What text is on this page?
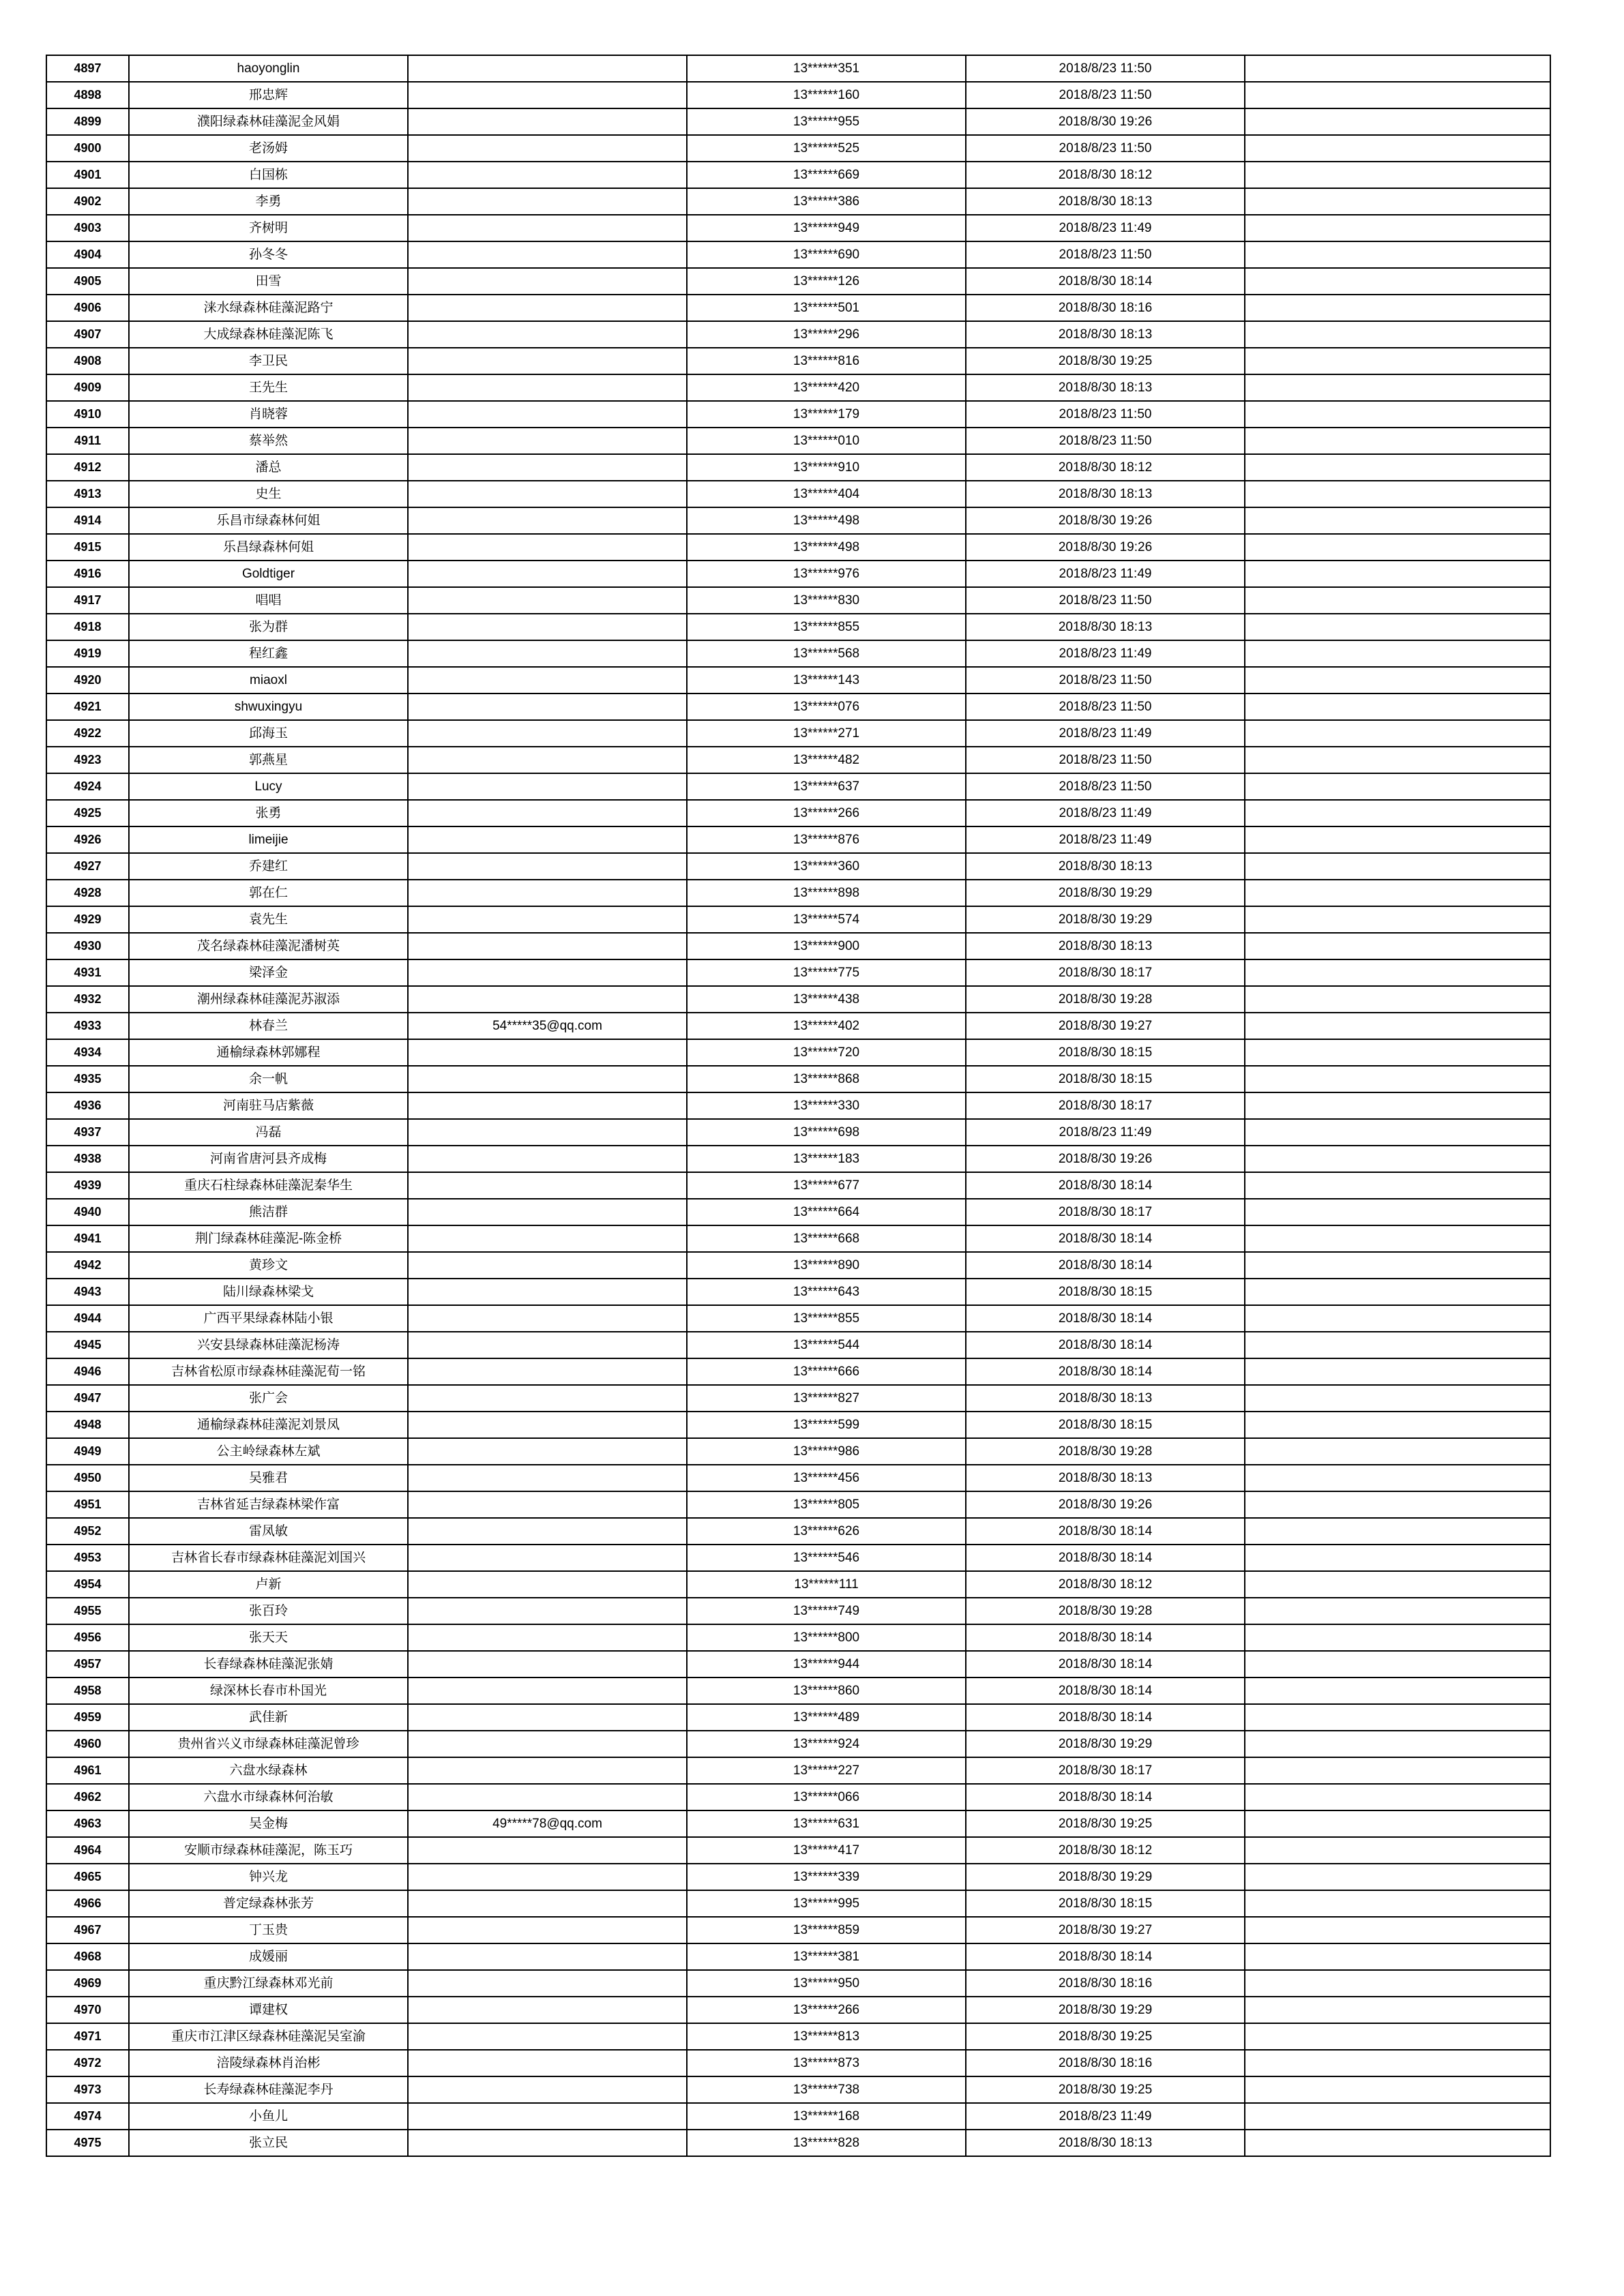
4897	haoyonglin		13******351	2018/8/23 11:50	
4898	邢忠辉		13******160	2018/8/23 11:50	
4899	濮阳绿森林硅藻泥金风娟		13******955	2018/8/30 19:26	
4900	老汤姆		13******525	2018/8/23 11:50	
4901	白国栋		13******669	2018/8/30 18:12	
4902	李勇		13******386	2018/8/30 18:13	
4903	齐树明		13******949	2018/8/23 11:49	
4904	孙冬冬		13******690	2018/8/23 11:50	
4905	田雪		13******126	2018/8/30 18:14	
4906	涞水绿森林硅藻泥路宁		13******501	2018/8/30 18:16	
4907	大成绿森林硅藻泥陈飞		13******296	2018/8/30 18:13	
4908	李卫民		13******816	2018/8/30 19:25	
4909	王先生		13******420	2018/8/30 18:13	
4910	肖晓蓉		13******179	2018/8/23 11:50	
4911	蔡举然		13******010	2018/8/23 11:50	
4912	潘总		13******910	2018/8/30 18:12	
4913	史生		13******404	2018/8/30 18:13	
4914	乐昌市绿森林何姐		13******498	2018/8/30 19:26	
4915	乐昌绿森林何姐		13******498	2018/8/30 19:26	
4916	Goldtiger		13******976	2018/8/23 11:49	
4917	唱唱		13******830	2018/8/23 11:50	
4918	张为群		13******855	2018/8/30 18:13	
4919	程红鑫		13******568	2018/8/23 11:49	
4920	miaoxl		13******143	2018/8/23 11:50	
4921	shwuxingyu		13******076	2018/8/23 11:50	
4922	邱海玉		13******271	2018/8/23 11:49	
4923	郭燕星		13******482	2018/8/23 11:50	
4924	Lucy		13******637	2018/8/23 11:50	
4925	张勇		13******266	2018/8/23 11:49	
4926	limeijie		13******876	2018/8/23 11:49	
4927	乔建红		13******360	2018/8/30 18:13	
4928	郭在仁		13******898	2018/8/30 19:29	
4929	袁先生		13******574	2018/8/30 19:29	
4930	茂名绿森林硅藻泥潘树英		13******900	2018/8/30 18:13	
4931	梁泽金		13******775	2018/8/30 18:17	
4932	潮州绿森林硅藻泥苏淑添		13******438	2018/8/30 19:28	
4933	林春兰	54*****35@qq.com	13******402	2018/8/30 19:27	
4934	通榆绿森林郭娜程		13******720	2018/8/30 18:15	
4935	余一帆		13******868	2018/8/30 18:15	
4936	河南驻马店紫薇		13******330	2018/8/30 18:17	
4937	冯磊		13******698	2018/8/23 11:49	
4938	河南省唐河县齐成梅		13******183	2018/8/30 19:26	
4939	重庆石柱绿森林硅藻泥秦华生		13******677	2018/8/30 18:14	
4940	熊洁群		13******664	2018/8/30 18:17	
4941	荆门绿森林硅藻泥-陈金桥		13******668	2018/8/30 18:14	
4942	黄珍文		13******890	2018/8/30 18:14	
4943	陆川绿森林梁戈		13******643	2018/8/30 18:15	
4944	广西平果绿森林陆小银		13******855	2018/8/30 18:14	
4945	兴安县绿森林硅藻泥杨涛		13******544	2018/8/30 18:14	
4946	吉林省松原市绿森林硅藻泥荀一铭		13******666	2018/8/30 18:14	
4947	张广会		13******827	2018/8/30 18:13	
4948	通榆绿森林硅藻泥刘景凤		13******599	2018/8/30 18:15	
4949	公主岭绿森林左斌		13******986	2018/8/30 19:28	
4950	吴雅君		13******456	2018/8/30 18:13	
4951	吉林省延吉绿森林梁作富		13******805	2018/8/30 19:26	
4952	雷凤敏		13******626	2018/8/30 18:14	
4953	吉林省长春市绿森林硅藻泥刘国兴		13******546	2018/8/30 18:14	
4954	卢新		13******111	2018/8/30 18:12	
4955	张百玲		13******749	2018/8/30 19:28	
4956	张天天		13******800	2018/8/30 18:14	
4957	长春绿森林硅藻泥张婧		13******944	2018/8/30 18:14	
4958	绿深林长春市朴国光		13******860	2018/8/30 18:14	
4959	武佳新		13******489	2018/8/30 18:14	
4960	贵州省兴义市绿森林硅藻泥曾珍		13******924	2018/8/30 19:29	
4961	六盘水绿森林		13******227	2018/8/30 18:17	
4962	六盘水市绿森林何治敏		13******066	2018/8/30 18:14	
4963	吴金梅	49*****78@qq.com	13******631	2018/8/30 19:25	
4964	安顺市绿森林硅藻泥，陈玉巧		13******417	2018/8/30 18:12	
4965	钟兴龙		13******339	2018/8/30 19:29	
4966	普定绿森林张芳		13******995	2018/8/30 18:15	
4967	丁玉贵		13******859	2018/8/30 19:27	
4968	成媛丽		13******381	2018/8/30 18:14	
4969	重庆黔江绿森林邓光前		13******950	2018/8/30 18:16	
4970	谭建权		13******266	2018/8/30 19:29	
4971	重庆市江津区绿森林硅藻泥吴室渝		13******813	2018/8/30 19:25	
4972	涪陵绿森林肖治彬		13******873	2018/8/30 18:16	
4973	长寿绿森林硅藻泥李丹		13******738	2018/8/30 19:25	
4974	小鱼儿		13******168	2018/8/23 11:49	
4975	张立民		13******828	2018/8/30 18:13	
